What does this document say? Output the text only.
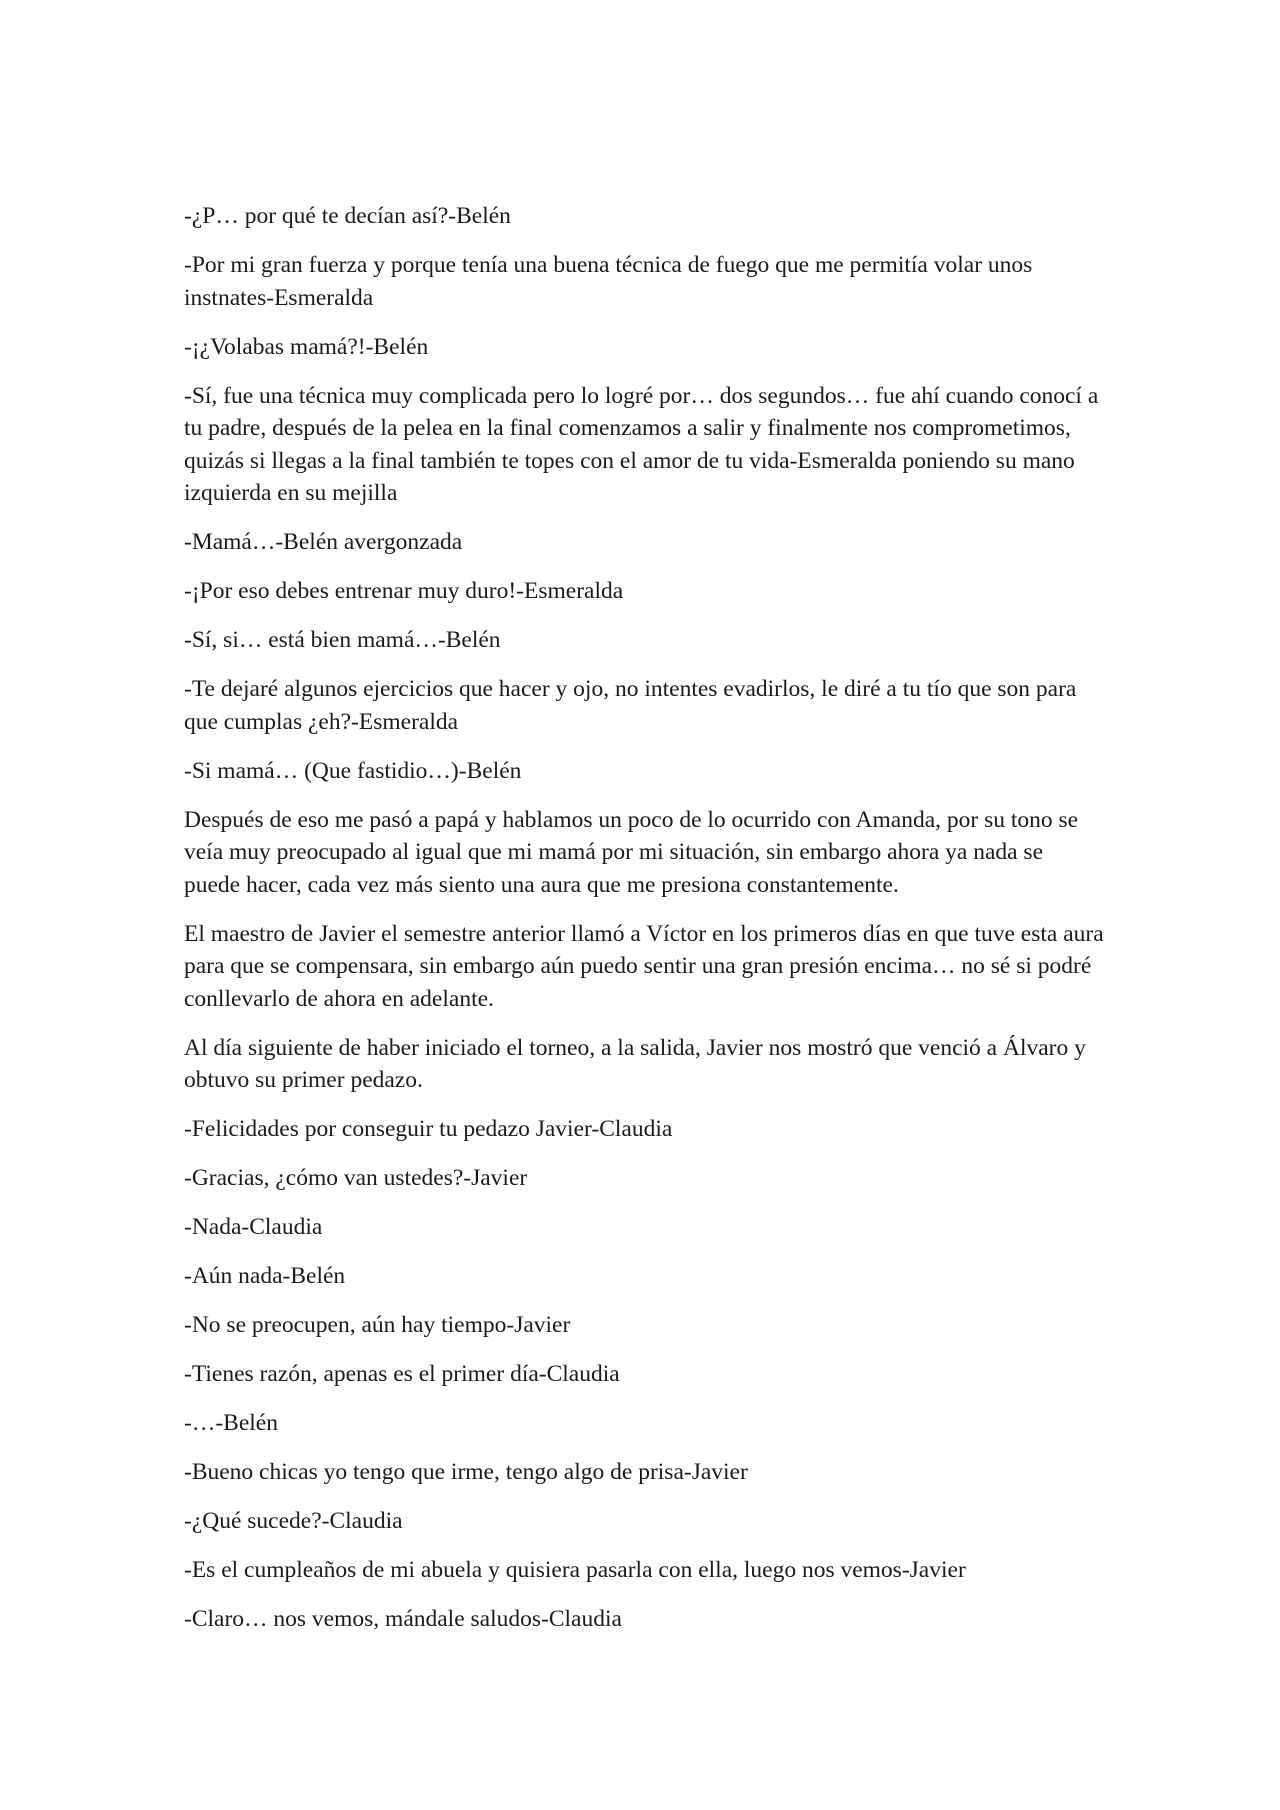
-¿P… por qué te decían así?-Belén

-Por mi gran fuerza y porque tenía una buena técnica de fuego que me permitía volar unos instnates-Esmeralda

-¡¿Volabas mamá?!-Belén

-Sí, fue una técnica muy complicada pero lo logré por… dos segundos… fue ahí cuando conocí a tu padre, después de la pelea en la final comenzamos a salir y finalmente nos comprometimos, quizás si llegas a la final también te topes con el amor de tu vida-Esmeralda poniendo su mano izquierda en su mejilla

-Mamá…-Belén avergonzada

-¡Por eso debes entrenar muy duro!-Esmeralda

-Sí, si… está bien mamá…-Belén

-Te dejaré algunos ejercicios que hacer y ojo, no intentes evadirlos, le diré a tu tío que son para que cumplas ¿eh?-Esmeralda

-Si mamá… (Que fastidio…)-Belén

Después de eso me pasó a papá y hablamos un poco de lo ocurrido con Amanda, por su tono se veía muy preocupado al igual que mi mamá por mi situación, sin embargo ahora ya nada se puede hacer, cada vez más siento una aura que me presiona constantemente.

El maestro de Javier el semestre anterior llamó a Víctor en los primeros días en que tuve esta aura para que se compensara, sin embargo aún puedo sentir una gran presión encima… no sé si podré conllevarlo de ahora en adelante.

Al día siguiente de haber iniciado el torneo, a la salida, Javier nos mostró que venció a Álvaro y obtuvo su primer pedazo.

-Felicidades por conseguir tu pedazo Javier-Claudia

-Gracias, ¿cómo van ustedes?-Javier

-Nada-Claudia

-Aún nada-Belén

-No se preocupen, aún hay tiempo-Javier

-Tienes razón, apenas es el primer día-Claudia

-…-Belén

-Bueno chicas yo tengo que irme, tengo algo de prisa-Javier

-¿Qué sucede?-Claudia

-Es el cumpleaños de mi abuela y quisiera pasarla con ella, luego nos vemos-Javier

-Claro… nos vemos, mándale saludos-Claudia
